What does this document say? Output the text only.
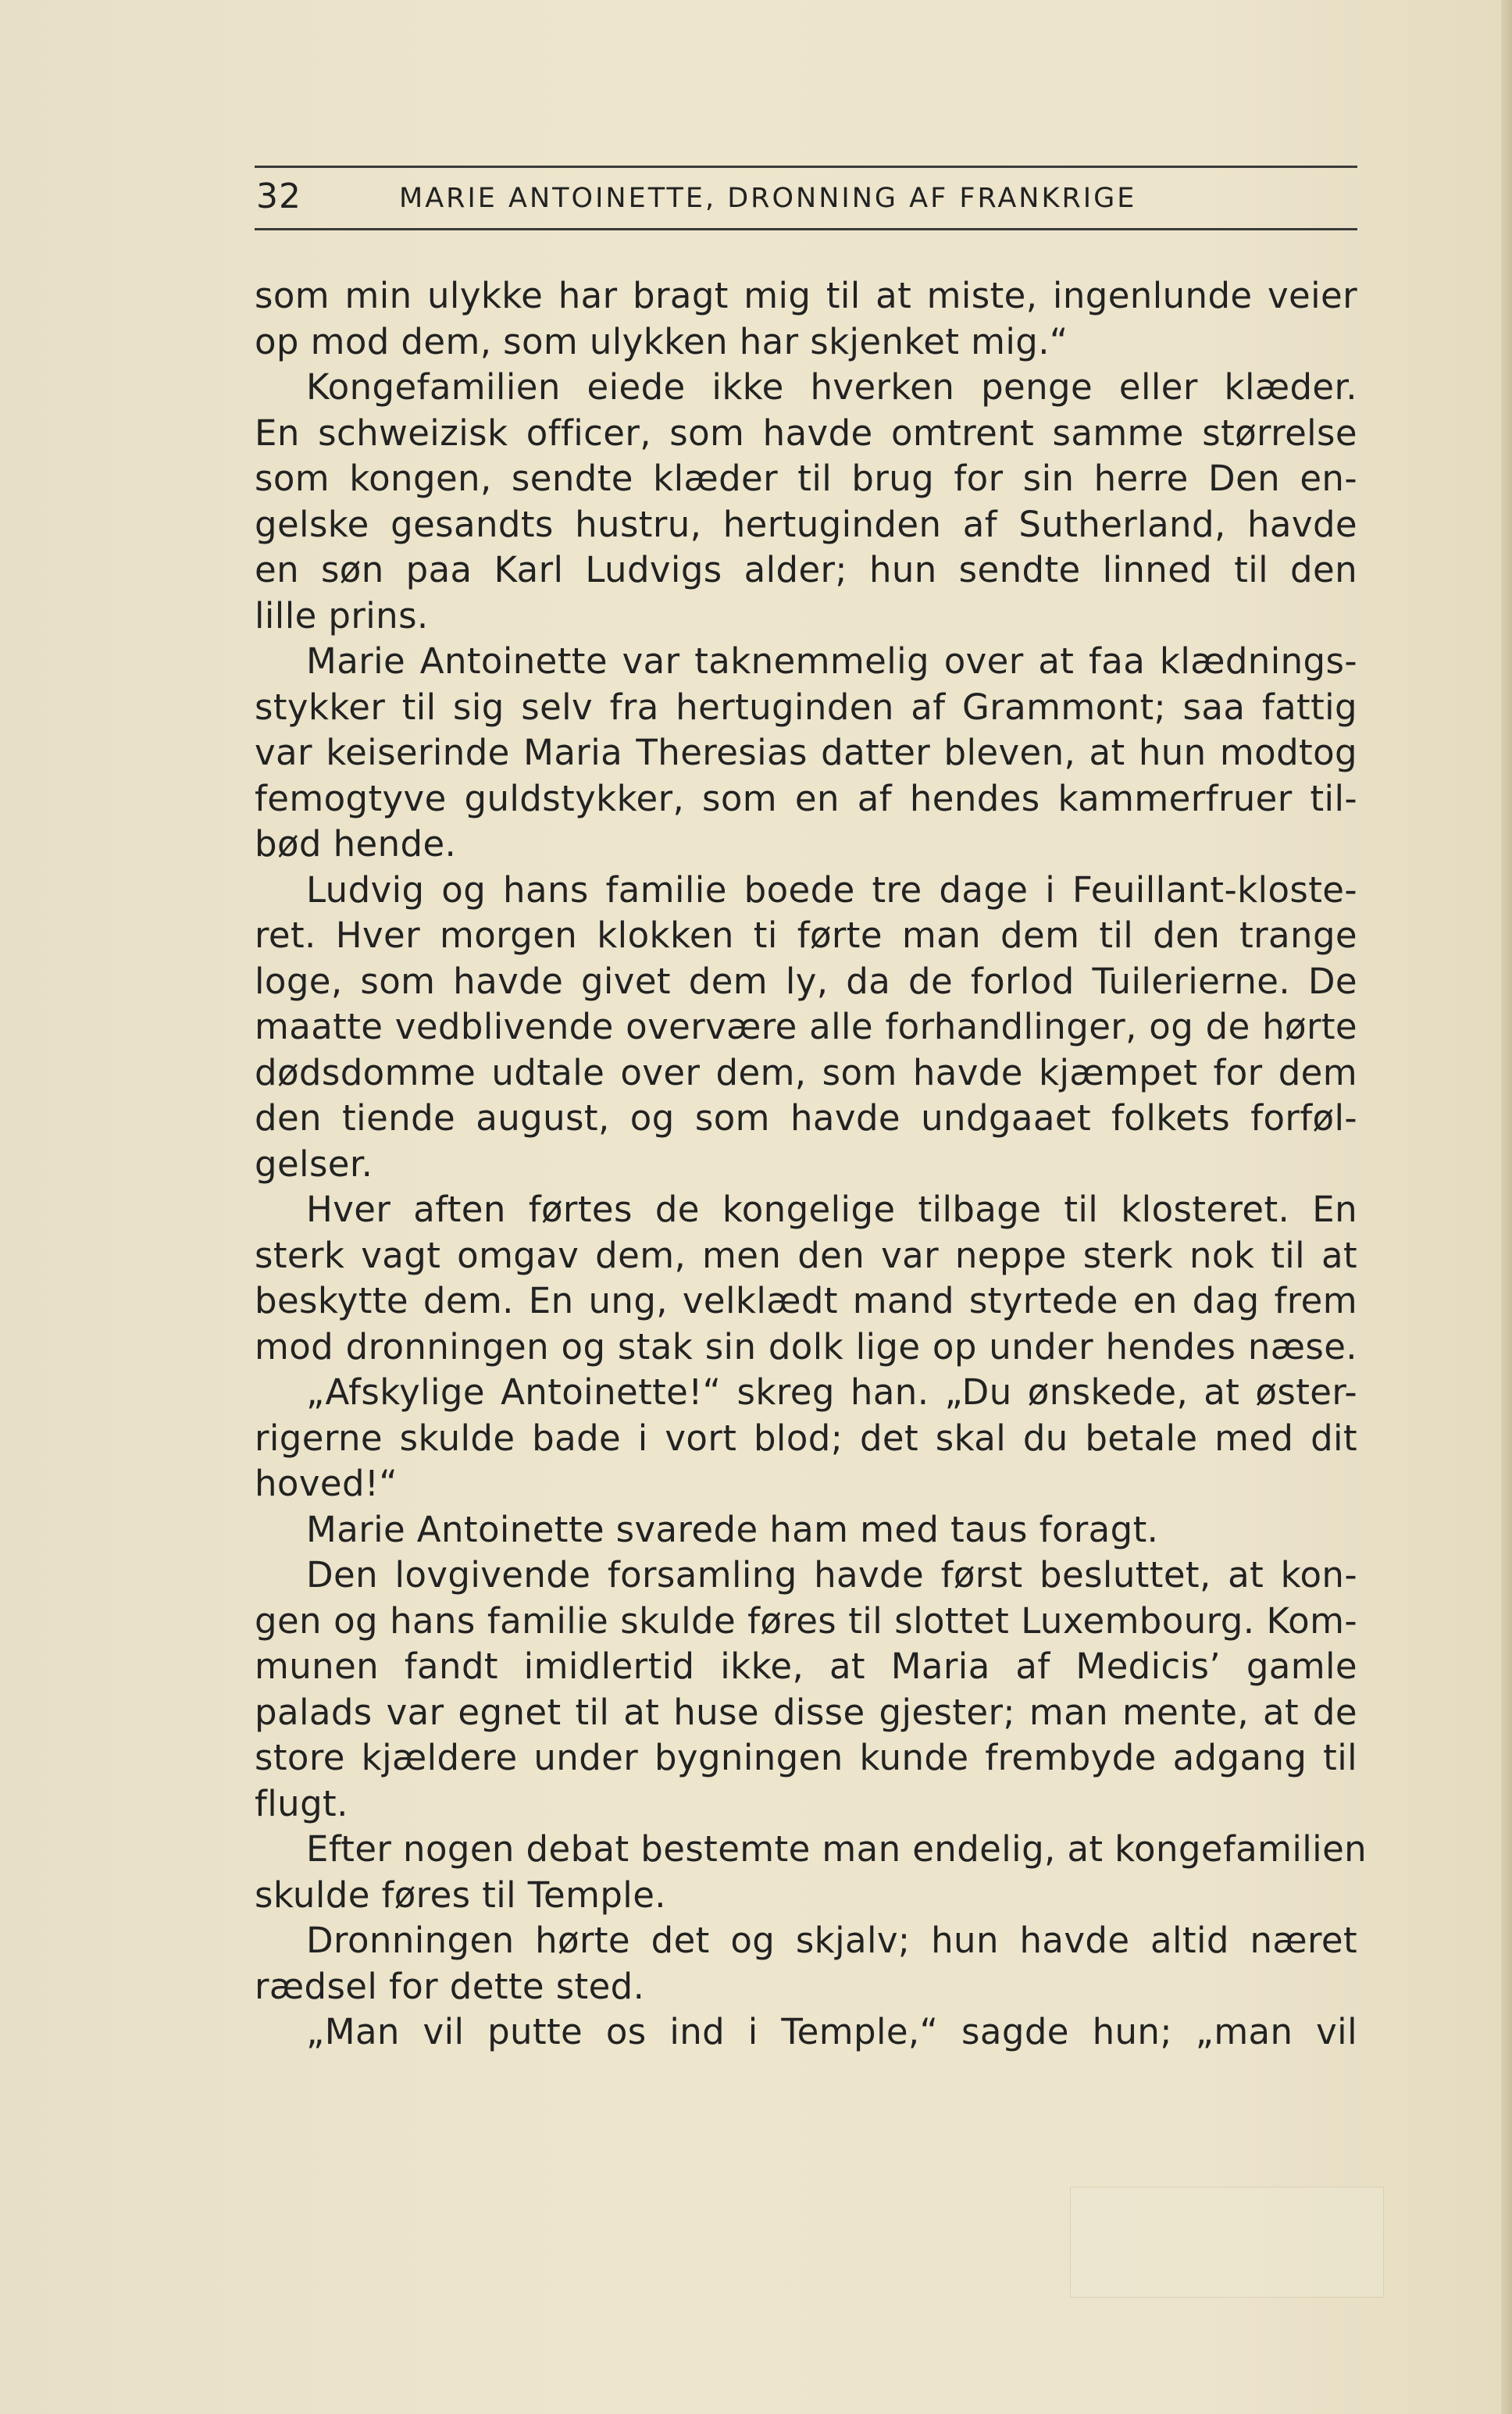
32	MARIE ANTOINETTE, DRONNING AF FRANKRIGE
som min ulykke har bragt mig til at miste, ingenlunde veier
op mod dem, som ulykken har skjenket mig.“
Kongefamilien eiede ikke hverken penge eller klæder.
En schweizisk officer, som havde omtrent samme størrelse
som kongen, sendte klæder til brug for sin herre Den en-
gelske gesandts hustru, hertuginden af Sutherland, havde
en søn paa Karl Ludvigs alder; hun sendte linned til den
lille prins.
Marie Antoinette var taknemmelig over at faa klædnings-
stykker til sig selv fra hertuginden af Grammont; saa fattig
var keiserinde Maria Theresias datter bleven, at hun modtog
femogtyve guldstykker, som en af hendes kammerfruer til-
bød hende.
Ludvig og hans familie boede tre dage i Feuillant-kloste-
ret. Hver morgen klokken ti førte man dem til den trange
loge, som havde givet dem ly, da de forlod Tuilerierne. De
maatte vedblivende overvære alle forhandlinger, og de hørte
dødsdomme udtale over dem, som havde kjæmpet for dem
den tiende august, og som havde undgaaet folkets forføl-
gelser.
Hver aften førtes de kongelige tilbage til klosteret. En
sterk vagt omgav dem, men den var neppe sterk nok til at
beskytte dem. En ung, velklædt mand styrtede en dag frem
mod dronningen og stak sin dolk lige op under hendes næse.
„Afskylige Antoinette!“ skreg han. „Du ønskede, at øster-
rigerne skulde bade i vort blod; det skal du betale med dit
hoved!“
Marie Antoinette svarede ham med taus foragt.
Den lovgivende forsamling havde først besluttet, at kon-
gen og hans familie skulde føres til slottet Luxembourg. Kom-
munen fandt imidlertid ikke, at Maria af Medicis’ gamle
palads var egnet til at huse disse gjester; man mente, at de
store kjældere under bygningen kunde frembyde adgang til
flugt.
Efter nogen debat bestemte man endelig, at kongefamilien
skulde føres til Temple.
Dronningen hørte det og skjalv; hun havde altid næret
rædsel for dette sted.
„Man vil putte os ind i Temple,“ sagde hun; „man vil
